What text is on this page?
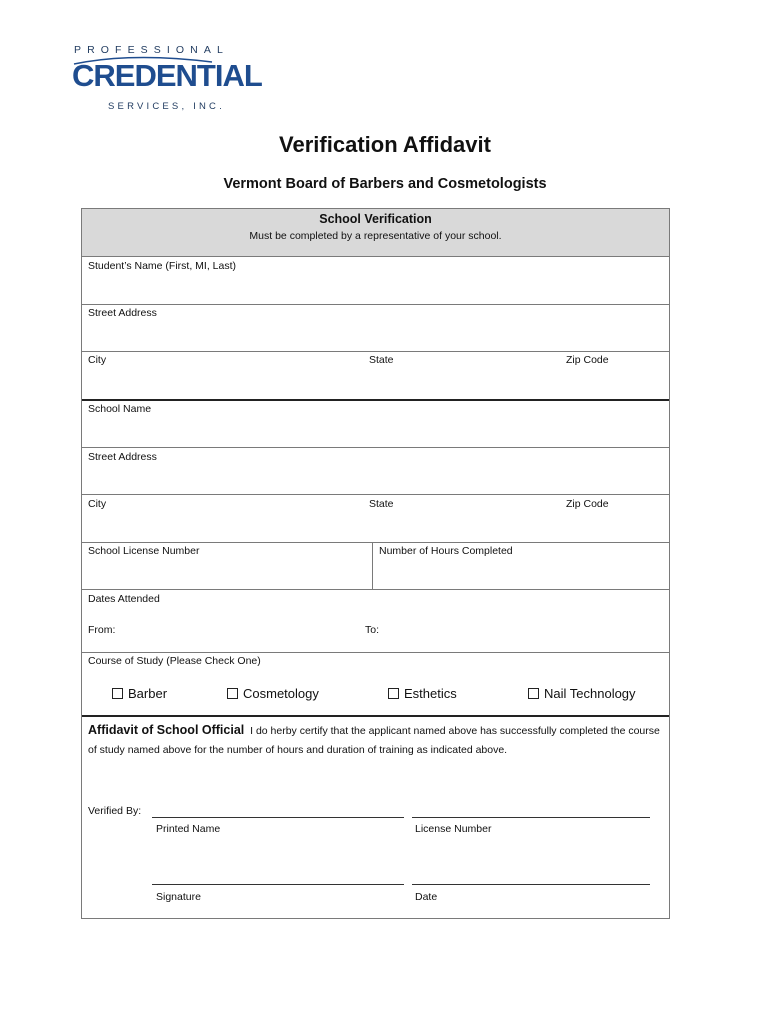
PROFESSIONAL
CREDENTIAL
SERVICES, INC.
Verification Affidavit
Vermont Board of Barbers and Cosmetologists
School Verification
Must be completed by a representative of your school.
Student’s Name (First, MI, Last)
Street Address
City	State	Zip Code
School Name
Street Address
City	State	Zip Code
School License Number	Number of Hours Completed
Dates Attended
From:	To:
Course of Study (Please Check One)
Barber	Cosmetology	Esthetics	Nail Technology
Affidavit of School Official I do herby certify that the applicant named above has successfully completed the course of study named above for the number of hours and duration of training as indicated above.
Verified By:
Printed Name	License Number
Signature	Date
